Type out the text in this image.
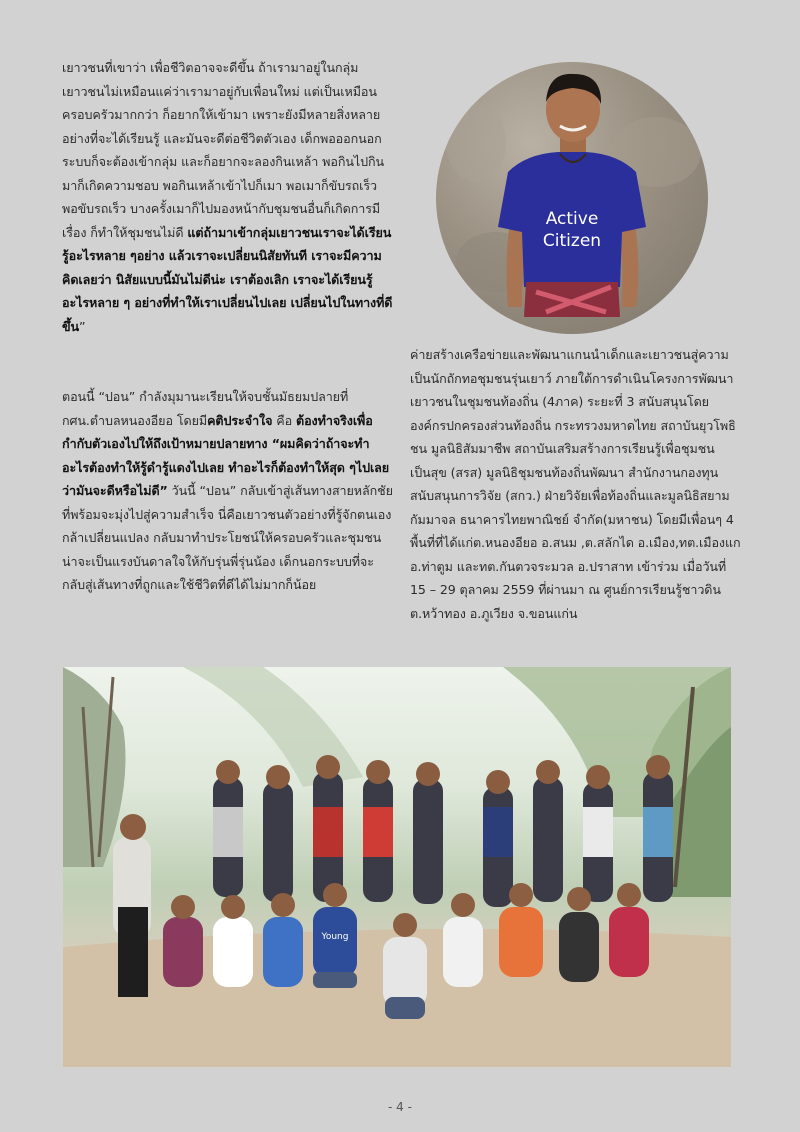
เยาวชนที่เขาว่า เพื่อชีวิตอาจจะดีขึ้น ถ้าเรามาอยู่ในกลุ่มเยาวชนไม่เหมือนแค่ว่าเรามาอยู่กับเพื่อนใหม่ แต่เป็นเหมือนครอบครัวมากกว่า ก็อยากให้เข้ามา เพราะยังมีหลายสิ่งหลายอย่างที่จะได้เรียนรู้ และมันจะดีต่อชีวิตตัวเอง เด็กพอออกนอกระบบก็จะต้องเข้ากลุ่ม และก็อยากจะลองกินเหล้า พอกินไปกินมาก็เกิดความชอบ พอกินเหล้าเข้าไปก็เมา พอเมาก็ขับรถเร็ว พอขับรถเร็ว บางครั้งเมาก็ไปมองหน้ากับชุมชนอื่นก็เกิดการมีเรื่อง ก็ทำให้ชุมชนไม่ดี แต่ถ้ามาเข้ากลุ่มเยาวชนเราจะได้เรียนรู้อะไรหลาย ๆอย่าง แล้วเราจะเปลี่ยนนิสัยทันที เราจะมีความคิดเลยว่า นิสัยแบบนี้มันไม่ดีน่ะ เราต้องเลิก เราจะได้เรียนรู้อะไรหลาย ๆ อย่างที่ทำให้เราเปลี่ยนไปเลย เปลี่ยนไปในทางที่ดีขึ้น”

ตอนนี้ “ปอน” กำลังมุมานะเรียนให้จบชั้นมัธยมปลายที่ กศน.ตำบลหนองอียอ โดยมีคติประจำใจ คือ ต้องทำจริงเพื่อกำกับตัวเองไปให้ถึงเป้าหมายปลายทาง “ผมคิดว่าถ้าจะทำอะไรต้องทำให้รู้ดำรู้แดงไปเลย ทำอะไรก็ต้องทำให้สุด ๆไปเลยว่ามันจะดีหรือไม่ดี” วันนี้ “ปอน” กลับเข้าสู่เส้นทางสายหลักชัยที่พร้อมจะมุ่งไปสู่ความสำเร็จ นี่คือเยาวชนตัวอย่างที่รู้จักตนเอง กล้าเปลี่ยนแปลง กลับมาทำประโยชน์ให้ครอบครัวและชุมชน น่าจะเป็นแรงบันดาลใจให้กับรุ่นพี่รุ่นน้อง เด็กนอกระบบที่จะกลับสู่เส้นทางที่ถูกและใช้ชีวิตที่ดีได้ไม่มากก็น้อย

Active
Citizen

ค่ายสร้างเครือข่ายและพัฒนาแกนนำเด็กและเยาวชนสู่ความเป็นนักถักทอชุมชนรุ่นเยาว์ ภายใต้การดำเนินโครงการพัฒนาเยาวชนในชุมชนท้องถิ่น (4ภาค) ระยะที่ 3 สนับสนุนโดยองค์กรปกครองส่วนท้องถิ่น กระทรวงมหาดไทย สถาบันยุวโพธิชน มูลนิธิสัมมาชีพ สถาบันเสริมสร้างการเรียนรู้เพื่อชุมชนเป็นสุข (สรส) มูลนิธิชุมชนท้องถิ่นพัฒนา สำนักงานกองทุนสนับสนุนการวิจัย (สกว.) ฝ่ายวิจัยเพื่อท้องถิ่นและมูลนิธิสยามกัมมาจล ธนาคารไทยพาณิชย์ จำกัด(มหาชน) โดยมีเพื่อนๆ 4 พื้นที่ที่ได้แก่ต.หนองอียอ อ.สนม ,ต.สลักได อ.เมือง,ทต.เมืองแก อ.ท่าตูม และทต.กันตวจระมวล อ.ปราสาท เข้าร่วม เมื่อวันที่ 15 – 29 ตุลาคม 2559 ที่ผ่านมา ณ ศูนย์การเรียนรู้ชาวดิน ต.หว้าทอง อ.ภูเวียง จ.ขอนแก่น

Young
- 4 -
